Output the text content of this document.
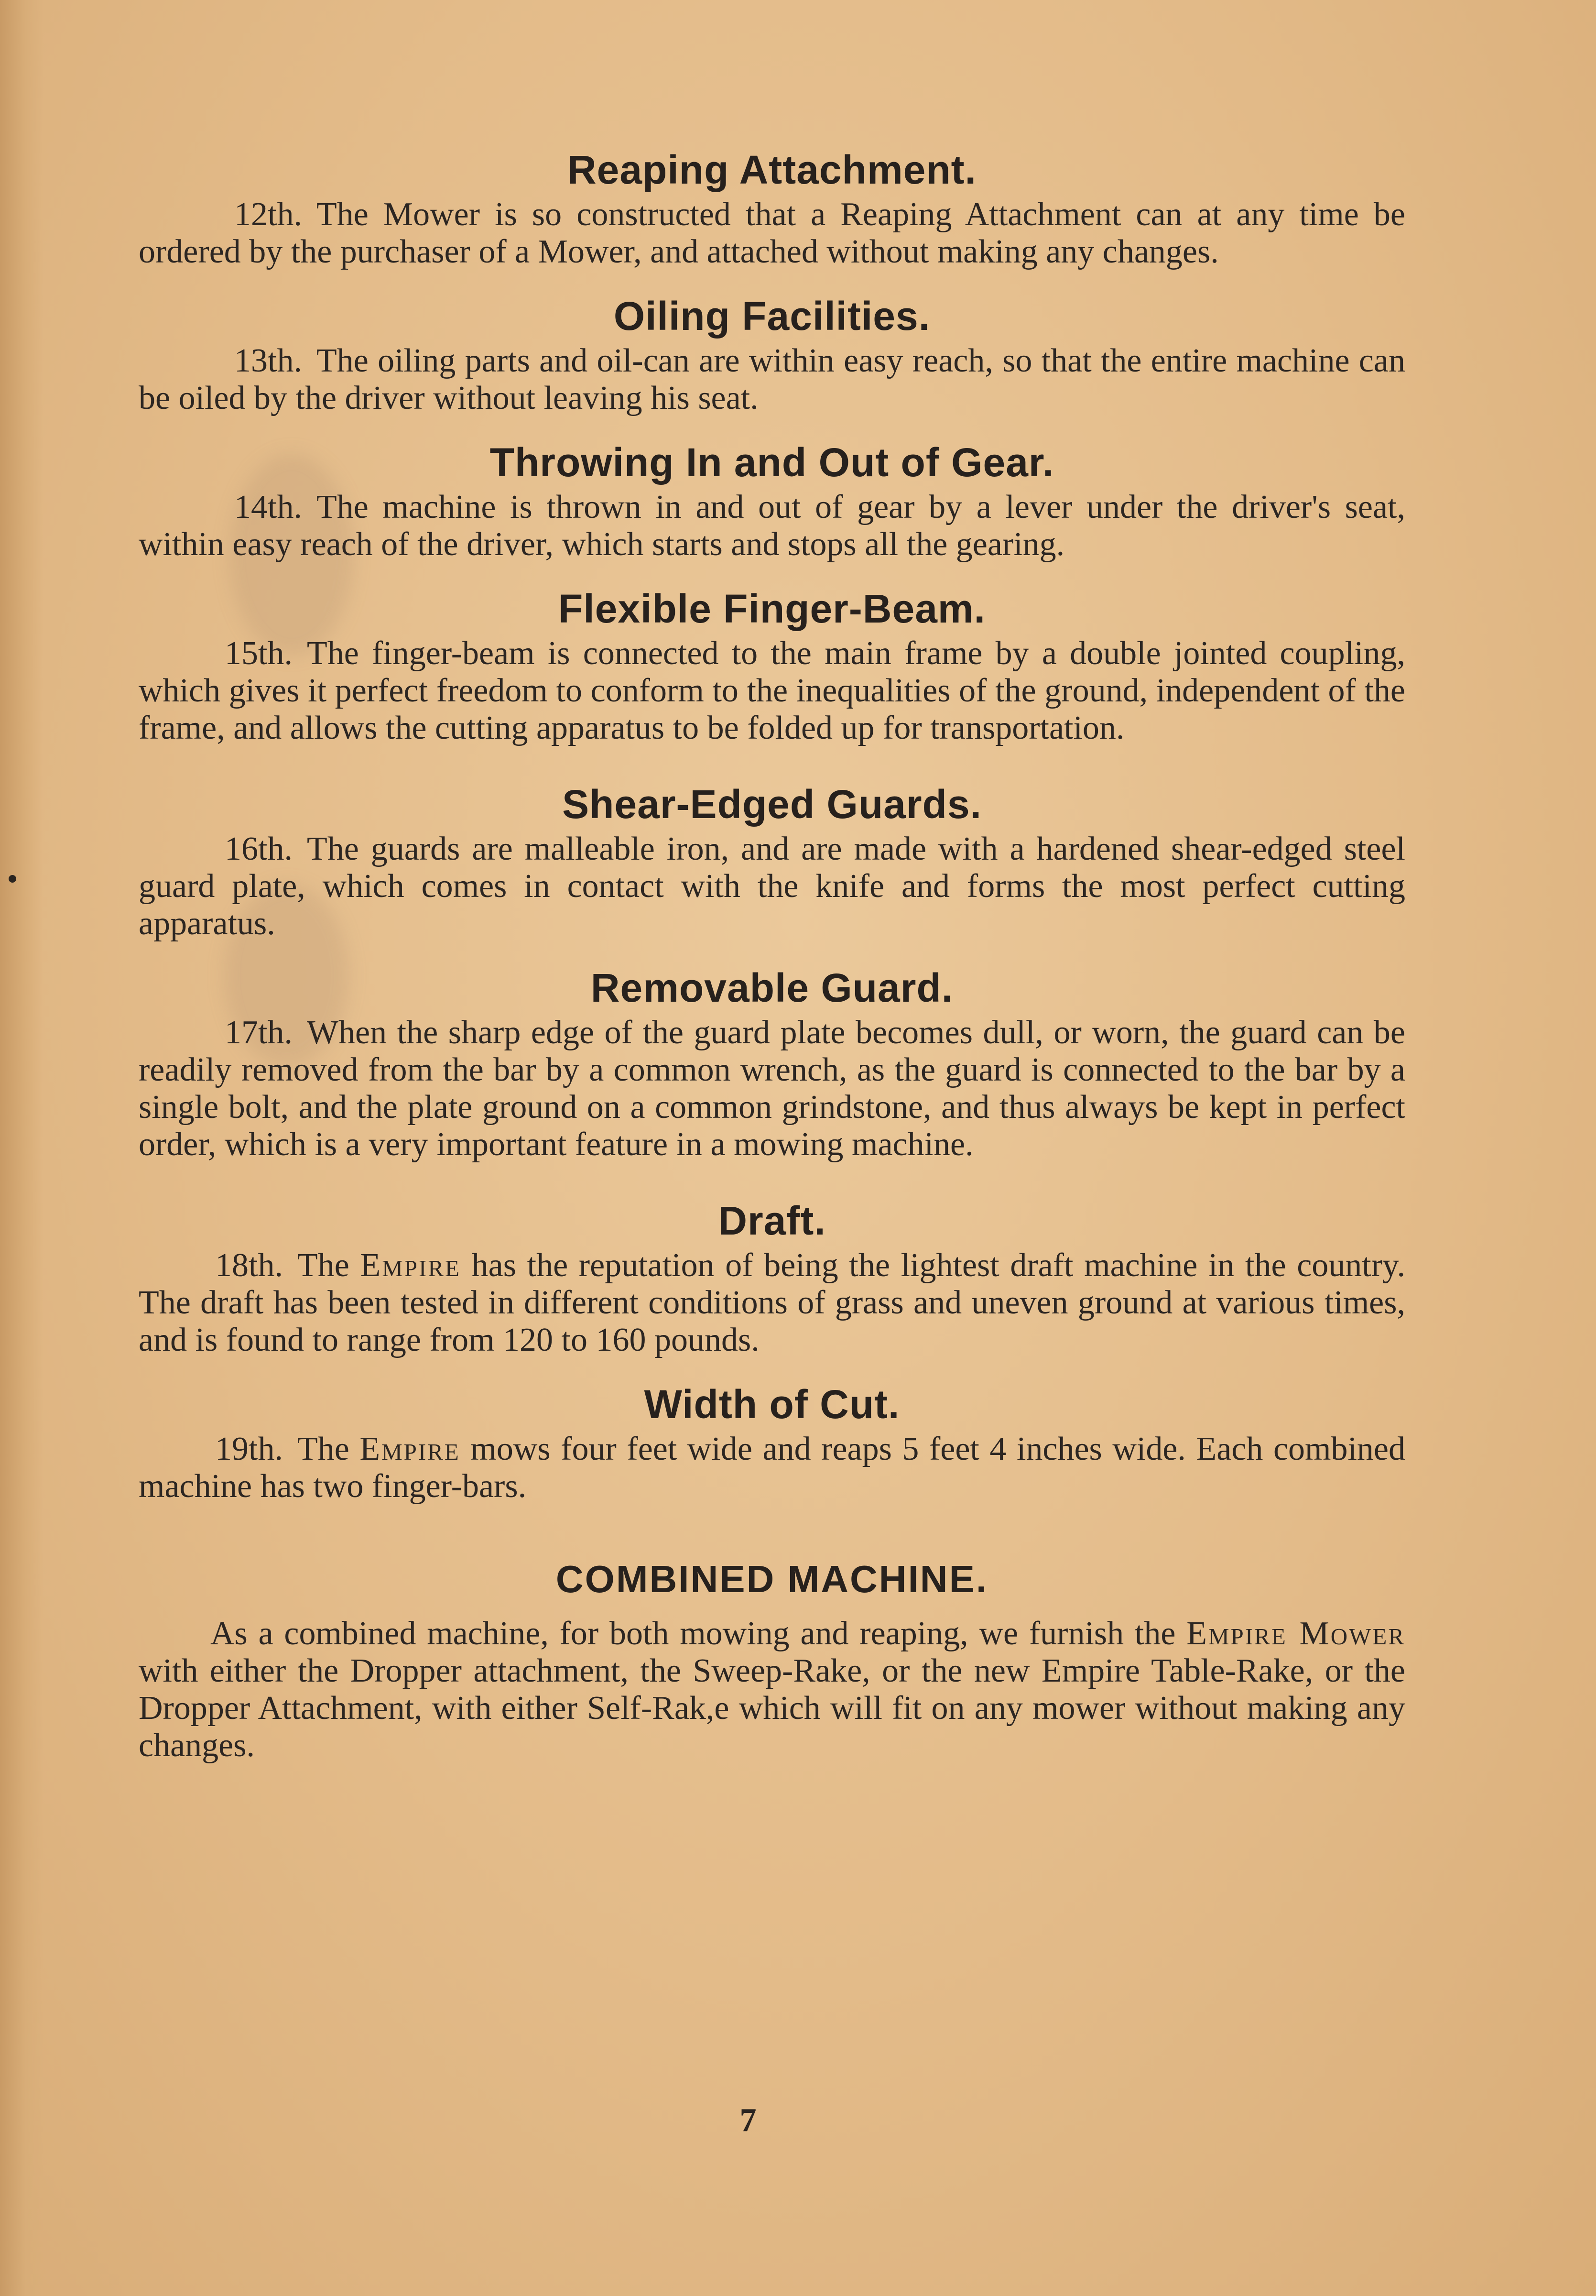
Reaping Attachment.

12th. The Mower is so constructed that a Reaping Attachment can at any time be ordered by the purchaser of a Mower, and attached without making any changes.

Oiling Facilities.

13th. The oiling parts and oil-can are within easy reach, so that the entire machine can be oiled by the driver without leaving his seat.

Throwing In and Out of Gear.

14th. The machine is thrown in and out of gear by a lever under the driver's seat, within easy reach of the driver, which starts and stops all the gearing.

Flexible Finger-Beam.

15th. The finger-beam is connected to the main frame by a double jointed coupling, which gives it perfect freedom to conform to the inequalities of the ground, independent of the frame, and allows the cutting apparatus to be folded up for transportation.

Shear-Edged Guards.

16th. The guards are malleable iron, and are made with a hardened shear-edged steel guard plate, which comes in contact with the knife and forms the most perfect cutting apparatus.

Removable Guard.

17th. When the sharp edge of the guard plate becomes dull, or worn, the guard can be readily removed from the bar by a common wrench, as the guard is connected to the bar by a single bolt, and the plate ground on a common grindstone, and thus always be kept in perfect order, which is a very important feature in a mowing machine.

Draft.

18th. The Empire has the reputation of being the lightest draft machine in the country. The draft has been tested in different conditions of grass and uneven ground at various times, and is found to range from 120 to 160 pounds.

Width of Cut.

19th. The Empire mows four feet wide and reaps 5 feet 4 inches wide. Each combined machine has two finger-bars.

COMBINED MACHINE.

As a combined machine, for both mowing and reaping, we furnish the Empire Mower with either the Dropper attachment, the Sweep-Rake, or the new Empire Table-Rake, or the Dropper Attachment, with either Self-Rak,e which will fit on any mower without making any changes.

7
